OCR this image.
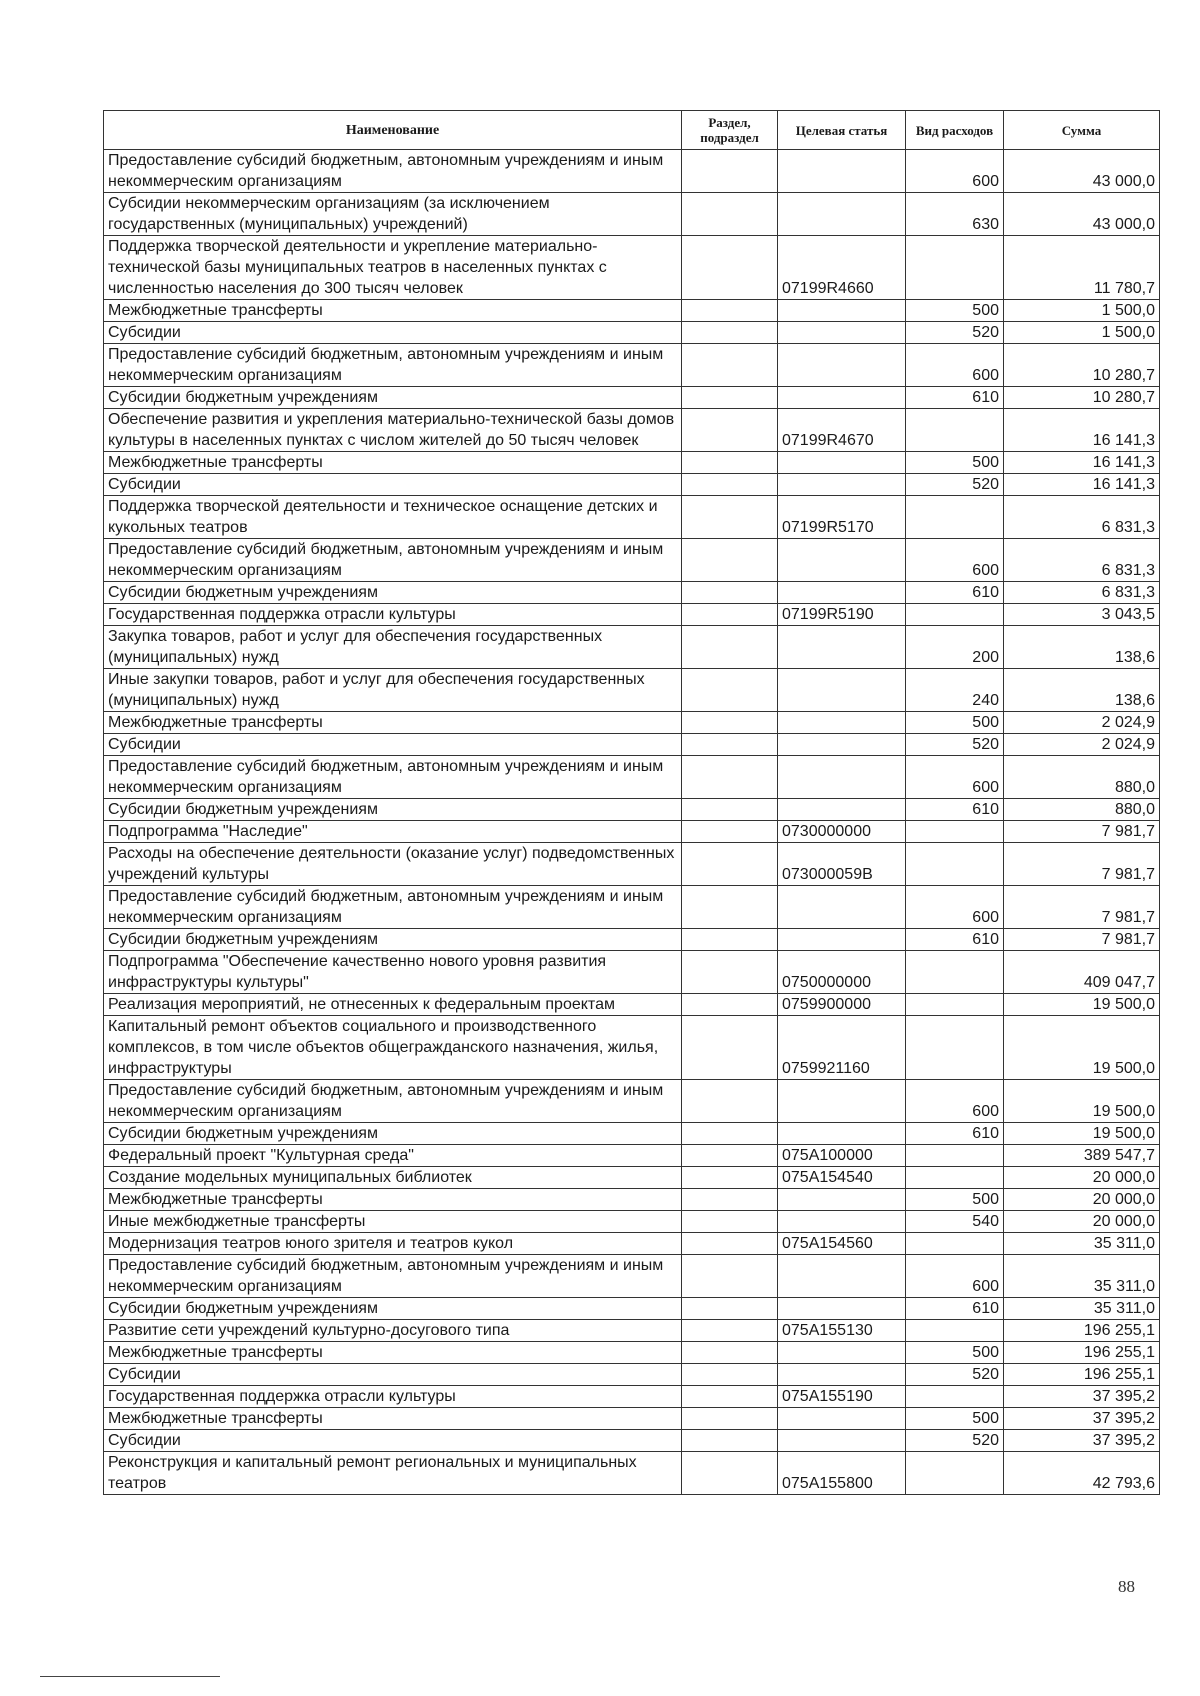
Наименование	Раздел, подраздел	Целевая статья	Вид расходов	Сумма
Предоставление субсидий бюджетным, автономным учреждениям и иным некоммерческим организациям			600	43 000,0
Субсидии некоммерческим организациям (за исключением государственных (муниципальных) учреждений)			630	43 000,0
Поддержка творческой деятельности и укрепление материально-технической базы муниципальных театров в населенных пунктах с численностью населения до 300 тысяч человек		07199R4660		11 780,7
Межбюджетные трансферты			500	1 500,0
Субсидии			520	1 500,0
Предоставление субсидий бюджетным, автономным учреждениям и иным некоммерческим организациям			600	10 280,7
Субсидии бюджетным учреждениям			610	10 280,7
Обеспечение развития и укрепления материально-технической базы домов культуры в населенных пунктах с числом жителей до 50 тысяч человек		07199R4670		16 141,3
Межбюджетные трансферты			500	16 141,3
Субсидии			520	16 141,3
Поддержка творческой деятельности и техническое оснащение детских и кукольных театров		07199R5170		6 831,3
Предоставление субсидий бюджетным, автономным учреждениям и иным некоммерческим организациям			600	6 831,3
Субсидии бюджетным учреждениям			610	6 831,3
Государственная поддержка отрасли культуры		07199R5190		3 043,5
Закупка товаров, работ и услуг для обеспечения государственных (муниципальных) нужд			200	138,6
Иные закупки товаров, работ и услуг для обеспечения государственных (муниципальных) нужд			240	138,6
Межбюджетные трансферты			500	2 024,9
Субсидии			520	2 024,9
Предоставление субсидий бюджетным, автономным учреждениям и иным некоммерческим организациям			600	880,0
Субсидии бюджетным учреждениям			610	880,0
Подпрограмма "Наследие"		0730000000		7 981,7
Расходы на обеспечение деятельности (оказание услуг) подведомственных учреждений культуры		073000059В		7 981,7
Предоставление субсидий бюджетным, автономным учреждениям и иным некоммерческим организациям			600	7 981,7
Субсидии бюджетным учреждениям			610	7 981,7
Подпрограмма "Обеспечение качественно нового уровня развития инфраструктуры культуры"		0750000000		409 047,7
Реализация мероприятий, не отнесенных к федеральным проектам		0759900000		19 500,0
Капитальный ремонт объектов социального и производственного комплексов, в том числе объектов общегражданского назначения, жилья, инфраструктуры		0759921160		19 500,0
Предоставление субсидий бюджетным, автономным учреждениям и иным некоммерческим организациям			600	19 500,0
Субсидии бюджетным учреждениям			610	19 500,0
Федеральный проект "Культурная среда"		075А100000		389 547,7
Создание модельных муниципальных библиотек		075А154540		20 000,0
Межбюджетные трансферты			500	20 000,0
Иные межбюджетные трансферты			540	20 000,0
Модернизация театров юного зрителя и театров кукол		075А154560		35 311,0
Предоставление субсидий бюджетным, автономным учреждениям и иным некоммерческим организациям			600	35 311,0
Субсидии бюджетным учреждениям			610	35 311,0
Развитие сети учреждений культурно-досугового типа		075А155130		196 255,1
Межбюджетные трансферты			500	196 255,1
Субсидии			520	196 255,1
Государственная поддержка отрасли культуры		075А155190		37 395,2
Межбюджетные трансферты			500	37 395,2
Субсидии			520	37 395,2
Реконструкция и капитальный ремонт региональных и муниципальных театров		075А155800		42 793,6
88
